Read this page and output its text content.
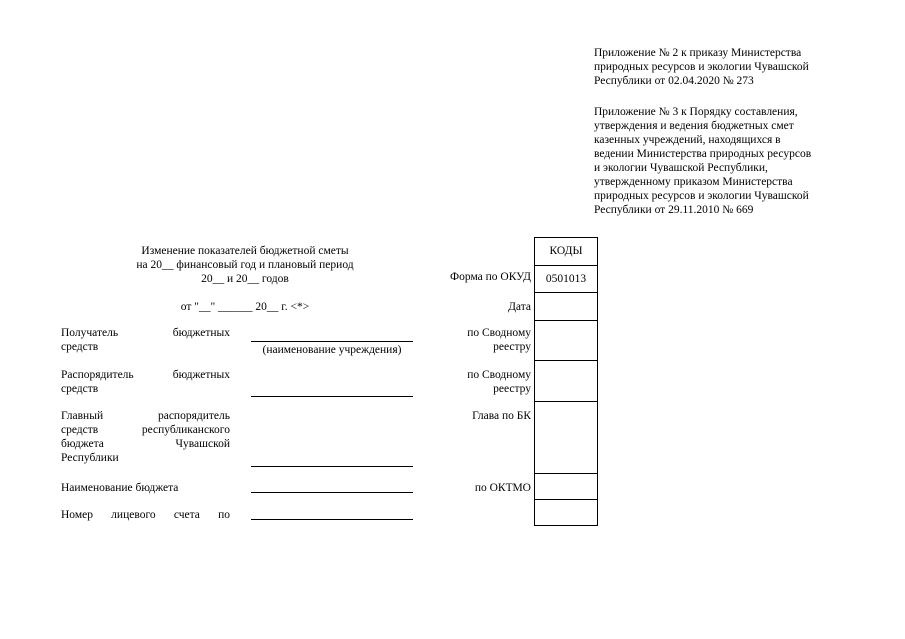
Приложение № 2 к приказу Министерства
природных ресурсов и экологии Чувашской
Республики от 02.04.2020 № 273
Приложение № 3 к Порядку составления,
утверждения и ведения бюджетных смет
казенных учреждений, находящихся в
ведении Министерства природных ресурсов
и экологии Чувашской Республики,
утвержденному приказом Министерства
природных ресурсов и экологии Чувашской
Республики от 29.11.2010 № 669
Изменение показателей бюджетной сметы
на 20__ финансовый год и плановый период
20__ и 20__ годов
от "__" ______ 20__ г. <*>
Получатель бюджетных
средств	(наименование учреждения)
Распорядитель бюджетных
средств
Главный распорядитель
средств республиканского
бюджета Чувашской
Республики
Наименование бюджета
Номер лицевого счета по
Форма по ОКУД
Дата
по Сводному
реестру
по Сводному
реестру
Глава по БК
по ОКТМО
КОДЫ
0501013
